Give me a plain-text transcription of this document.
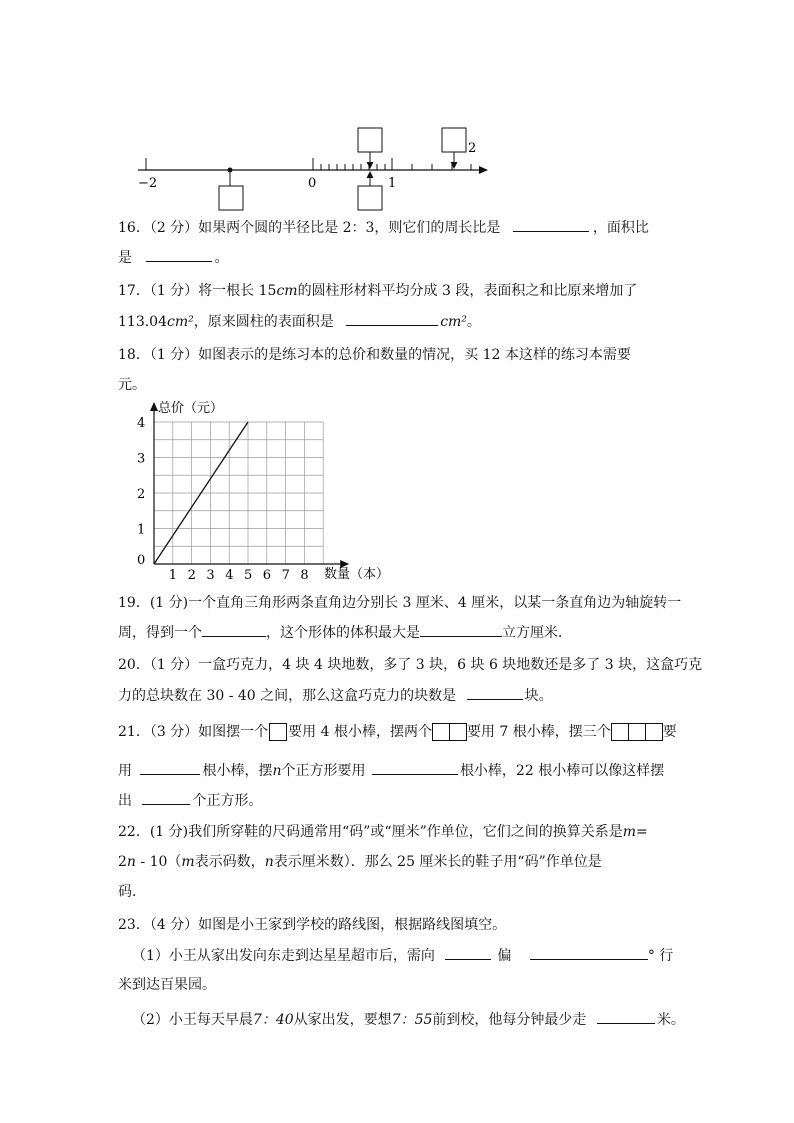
−2	0	1
2
16．（2 分）如果两个圆的半径比是 2：3，则它们的周长比是	，面积比
是	。
17．（1 分）将一根长 15cm的圆柱形材料平均分成 3 段，表面积之和比原来增加了
113.04cm²，原来圆柱的表面积是	cm²。
18．（1 分）如图表示的是练习本的总价和数量的情况，买 12 本这样的练习本需要
元。
1 2 3 4 5 6 7 8
0
1
2
3
4
总价（元）
数量（本）
19．(1 分)一个直角三角形两条直角边分别长 3 厘米、4 厘米，以某一条直角边为轴旋转一
周，得到一个	，这个形体的体积最大是	立方厘米．
20．（1 分）一盒巧克力，4 块 4 块地数，多了 3 块，6 块 6 块地数还是多了 3 块，这盒巧克
力的总块数在 30 - 40 之间，那么这盒巧克力的块数是	块。
21．（3 分）如图摆一个 要用 4 根小棒，摆两个	要用 7 根小棒，摆三个	要
用	根小棒，摆n个正方形要用	根小棒，22 根小棒可以像这样摆
出	个正方形。
22．(1 分)我们所穿鞋的尺码通常用“码”或“厘米”作单位，它们之间的换算关系是m=
2n - 10（m表示码数，n表示厘米数）．那么 25 厘米长的鞋子用“码”作单位是
码．
23．（4 分）如图是小王家到学校的路线图，根据路线图填空。
（1）小王从家出发向东走到达星星超市后，需向	偏	° 行
米到达百果园。
（2）小王每天早晨7：40从家出发，要想7：55前到校，他每分钟最少走	米。
